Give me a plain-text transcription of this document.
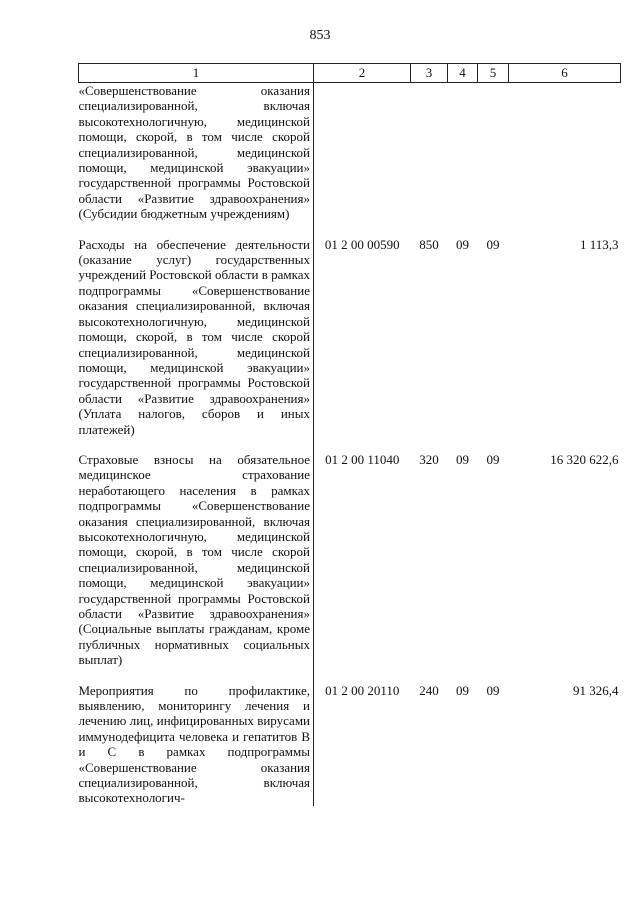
853
1	2	3	4	5	6
«Совершенствование оказания специализированной, включая высокотехнологичную, медицинской помощи, скорой, в том числе скорой специализированной, медицинской помощи, медицинской эвакуации» государственной программы Ростовской области «Развитие здравоохранения» (Субсидии бюджетным учреждениям)					

Расходы на обеспечение деятельности (оказание услуг) государственных учреждений Ростовской области в рамках подпрограммы «Совершенствование оказания специализированной, включая высокотехнологичную, медицинской помощи, скорой, в том числе скорой специализированной, медицинской помощи, медицинской эвакуации» государственной программы Ростовской области «Развитие здравоохранения» (Уплата налогов, сборов и иных платежей)	01 2 00 00590	850	09	09	1 113,3

Страховые взносы на обязательное медицинское страхование неработающего населения в рамках подпрограммы «Совершенствование оказания специализированной, включая высокотехнологичную, медицинской помощи, скорой, в том числе скорой специализированной, медицинской помощи, медицинской эвакуации» государственной программы Ростовской области «Развитие здравоохранения» (Социальные выплаты гражданам, кроме публичных нормативных социальных выплат)	01 2 00 11040	320	09	09	16 320 622,6

Мероприятия по профилактике, выявлению, мониторингу лечения и лечению лиц, инфицированных вирусами иммунодефицита человека и гепатитов B и C в рамках подпрограммы «Совершенствование оказания специализированной, включая высокотехнологич-	01 2 00 20110	240	09	09	91 326,4
